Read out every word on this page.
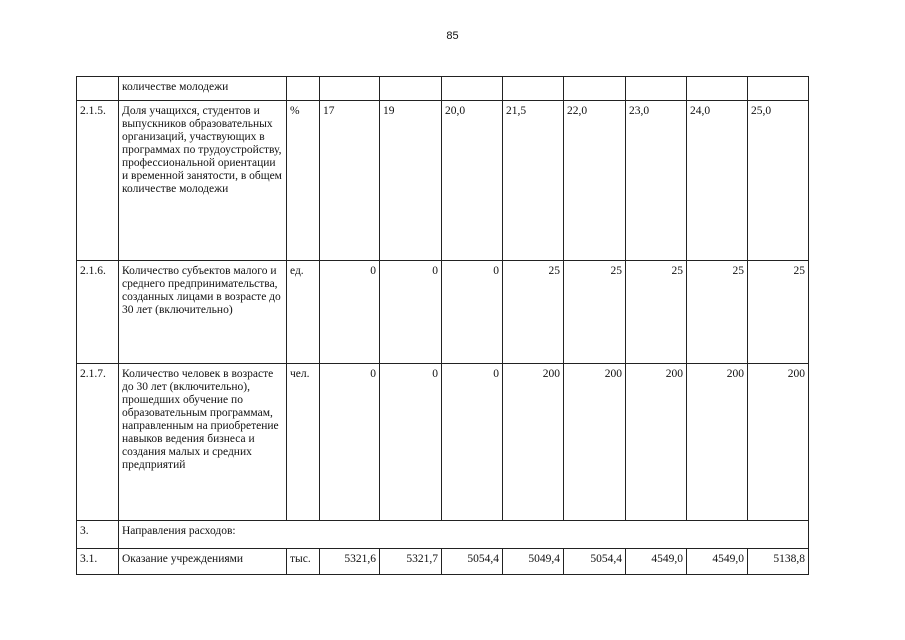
85
	количестве молодежи									
2.1.5.	Доля учащихся, студентов и выпускников образовательных организаций, участвующих в программах по трудоустройству, профессиональной ориентации и временной занятости, в общем количестве молодежи	%	17	19	20,0	21,5	22,0	23,0	24,0	25,0
2.1.6.	Количество субъектов малого и среднего предпринимательства, созданных лицами в возрасте до 30 лет (включительно)	ед.	0	0	0	25	25	25	25	25
2.1.7.	Количество человек в возрасте до 30 лет (включительно), прошедших обучение по образовательным программам, направленным на приобретение навыков ведения бизнеса и создания малых и средних предприятий	чел.	0	0	0	200	200	200	200	200
3.	Направления расходов:									
3.1.	Оказание учреждениями	тыс.	5321,6	5321,7	5054,4	5049,4	5054,4	4549,0	4549,0	5138,8
